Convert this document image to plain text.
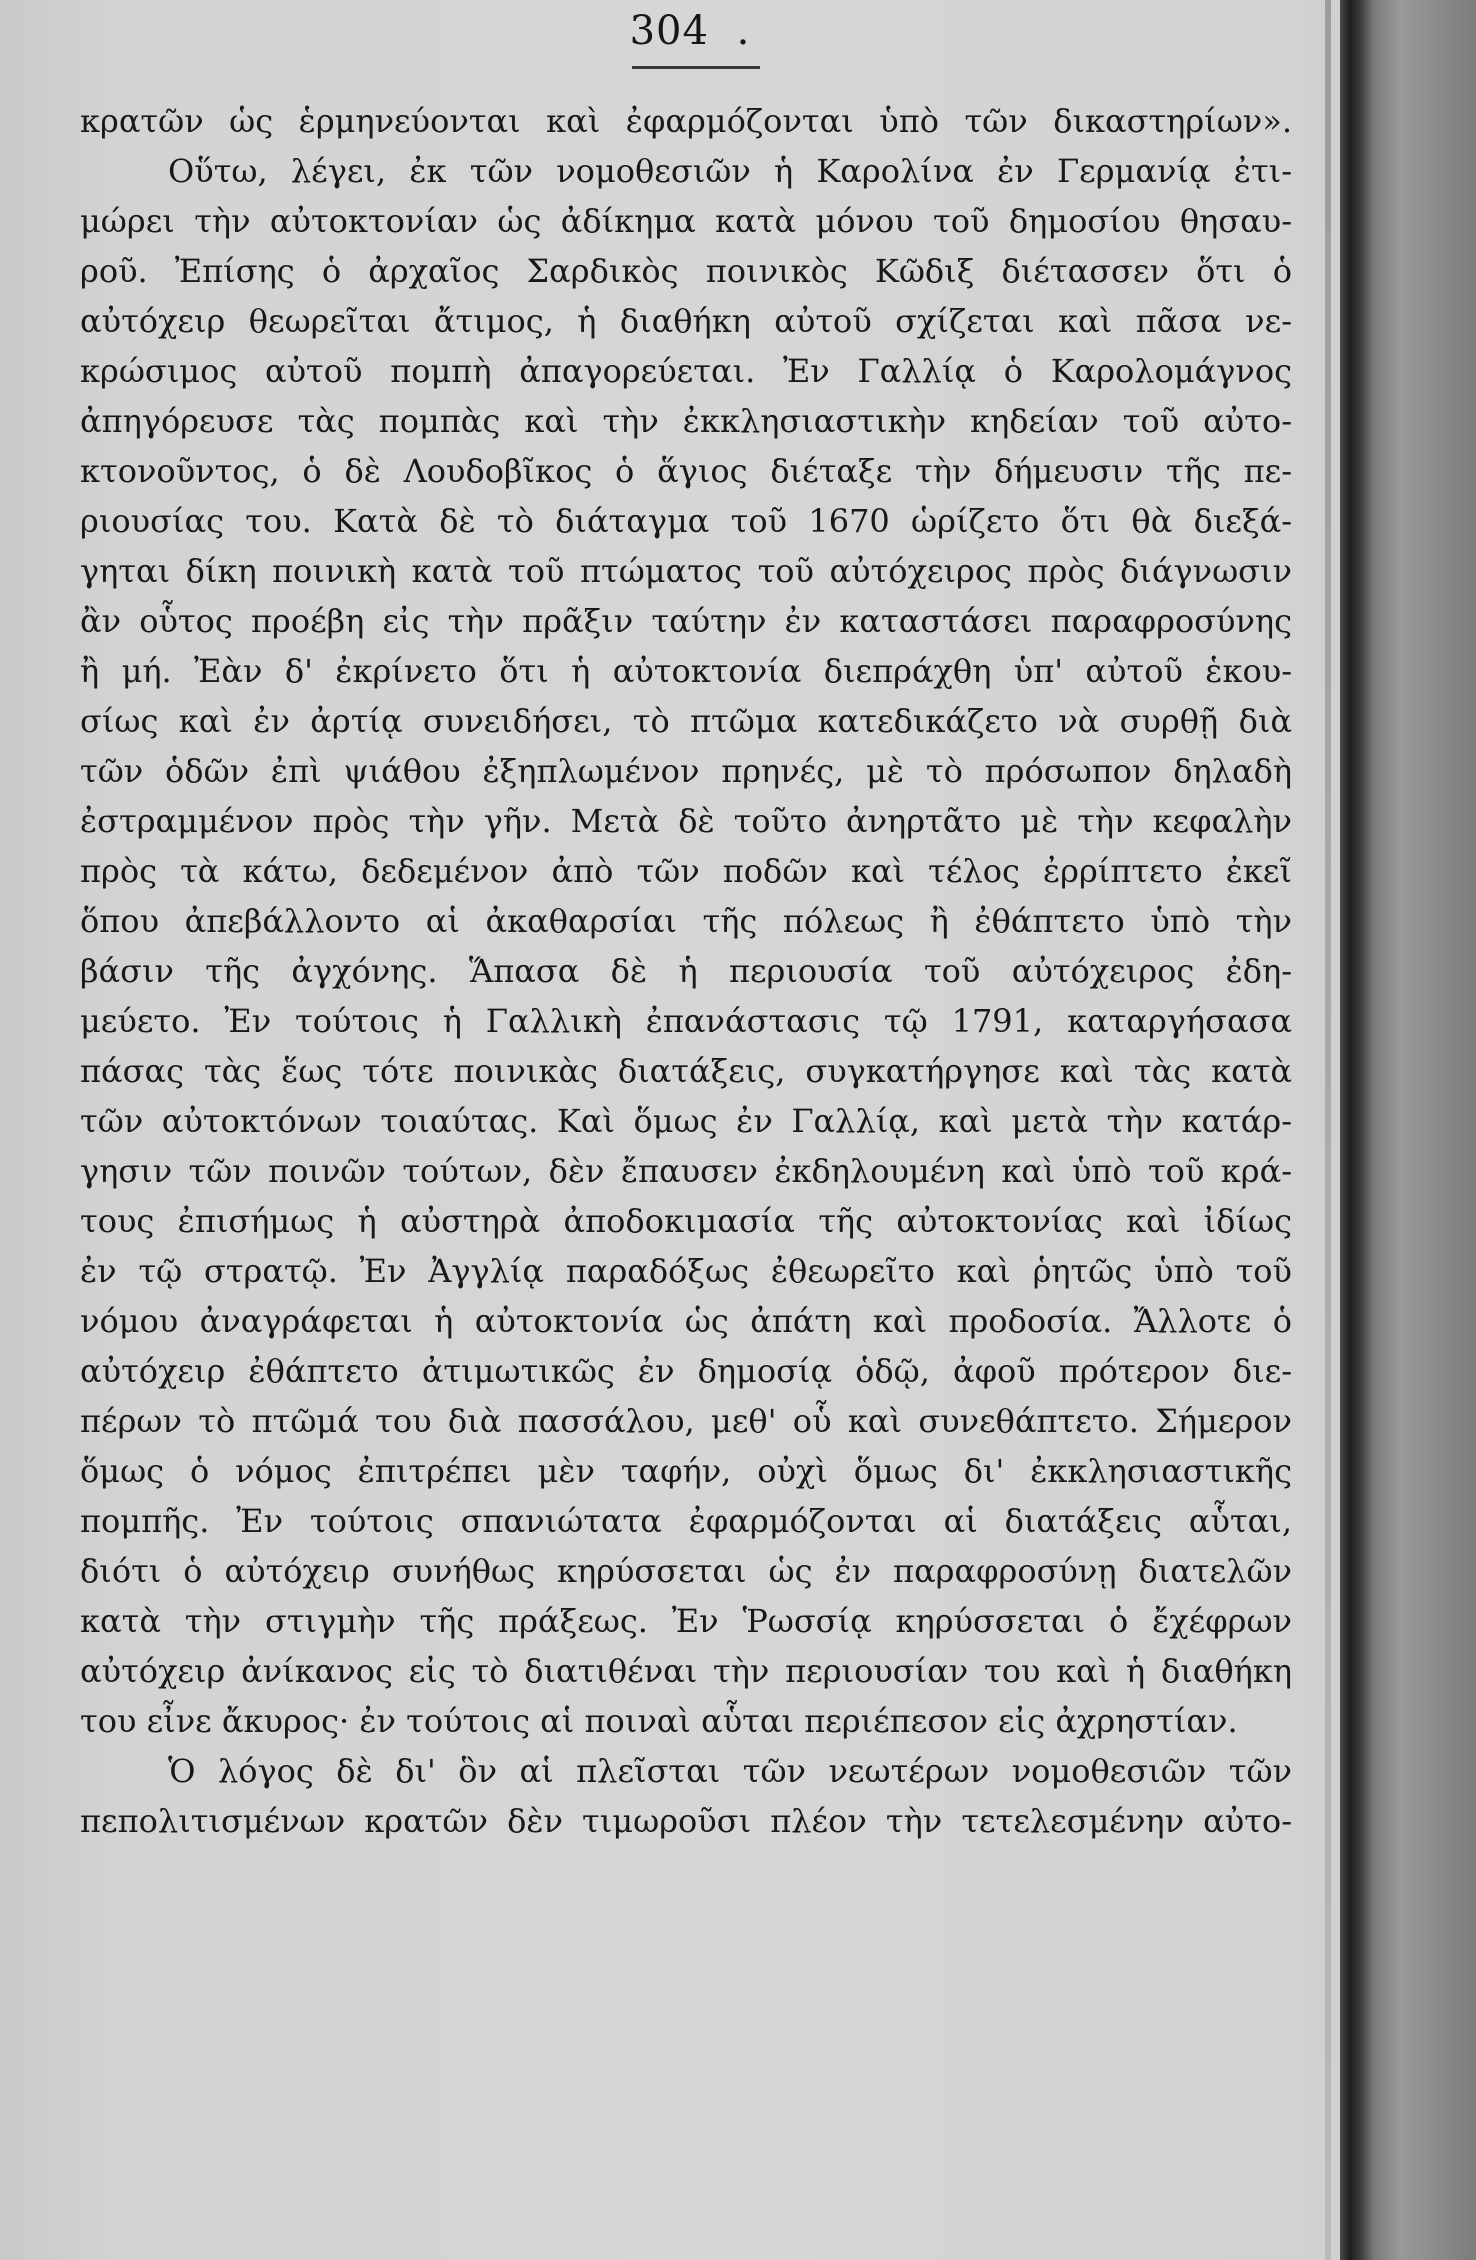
304 .
κρατῶν ὡς ἑρμηνεύονται καὶ ἐφαρμόζονται ὑπὸ τῶν δικαστηρίων».
Οὕτω, λέγει, ἐκ τῶν νομοθεσιῶν ἡ Καρολίνα ἐν Γερμανίᾳ ἐτι-
μώρει τὴν αὐτοκτονίαν ὡς ἀδίκημα κατὰ μόνου τοῦ δημοσίου θησαυ-
ροῦ. Ἐπίσης ὁ ἀρχαῖος Σαρδικὸς ποινικὸς Κῶδιξ διέτασσεν ὅτι ὁ
αὐτόχειρ θεωρεῖται ἄτιμος, ἡ διαθήκη αὐτοῦ σχίζεται καὶ πᾶσα νε-
κρώσιμος αὐτοῦ πομπὴ ἀπαγορεύεται. Ἐν Γαλλίᾳ ὁ Καρολομάγνος
ἀπηγόρευσε τὰς πομπὰς καὶ τὴν ἐκκλησιαστικὴν κηδείαν τοῦ αὐτο-
κτονοῦντος, ὁ δὲ Λουδοβῖκος ὁ ἅγιος διέταξε τὴν δήμευσιν τῆς πε-
ριουσίας του. Κατὰ δὲ τὸ διάταγμα τοῦ 1670 ὡρίζετο ὅτι θὰ διεξά-
γηται δίκη ποινικὴ κατὰ τοῦ πτώματος τοῦ αὐτόχειρος πρὸς διάγνωσιν
ἂν οὗτος προέβη εἰς τὴν πρᾶξιν ταύτην ἐν καταστάσει παραφροσύνης
ἢ μή. Ἐὰν δ' ἐκρίνετο ὅτι ἡ αὐτοκτονία διεπράχθη ὑπ' αὐτοῦ ἑκου-
σίως καὶ ἐν ἀρτίᾳ συνειδήσει, τὸ πτῶμα κατεδικάζετο νὰ συρθῇ διὰ
τῶν ὁδῶν ἐπὶ ψιάθου ἐξηπλωμένον πρηνές, μὲ τὸ πρόσωπον δηλαδὴ
ἐστραμμένον πρὸς τὴν γῆν. Μετὰ δὲ τοῦτο ἀνηρτᾶτο μὲ τὴν κεφαλὴν
πρὸς τὰ κάτω, δεδεμένον ἀπὸ τῶν ποδῶν καὶ τέλος ἐρρίπτετο ἐκεῖ
ὅπου ἀπεβάλλοντο αἱ ἀκαθαρσίαι τῆς πόλεως ἢ ἐθάπτετο ὑπὸ τὴν
βάσιν τῆς ἀγχόνης. Ἅπασα δὲ ἡ περιουσία τοῦ αὐτόχειρος ἐδη-
μεύετο. Ἐν τούτοις ἡ Γαλλικὴ ἐπανάστασις τῷ 1791, καταργήσασα
πάσας τὰς ἕως τότε ποινικὰς διατάξεις, συγκατήργησε καὶ τὰς κατὰ
τῶν αὐτοκτόνων τοιαύτας. Καὶ ὅμως ἐν Γαλλίᾳ, καὶ μετὰ τὴν κατάρ-
γησιν τῶν ποινῶν τούτων, δὲν ἔπαυσεν ἐκδηλουμένη καὶ ὑπὸ τοῦ κρά-
τους ἐπισήμως ἡ αὐστηρὰ ἀποδοκιμασία τῆς αὐτοκτονίας καὶ ἰδίως
ἐν τῷ στρατῷ. Ἐν Ἀγγλίᾳ παραδόξως ἐθεωρεῖτο καὶ ῥητῶς ὑπὸ τοῦ
νόμου ἀναγράφεται ἡ αὐτοκτονία ὡς ἀπάτη καὶ προδοσία. Ἄλλοτε ὁ
αὐτόχειρ ἐθάπτετο ἀτιμωτικῶς ἐν δημοσίᾳ ὁδῷ, ἀφοῦ πρότερον διε-
πέρων τὸ πτῶμά του διὰ πασσάλου, μεθ' οὗ καὶ συνεθάπτετο. Σήμερον
ὅμως ὁ νόμος ἐπιτρέπει μὲν ταφήν, οὐχὶ ὅμως δι' ἐκκλησιαστικῆς
πομπῆς. Ἐν τούτοις σπανιώτατα ἐφαρμόζονται αἱ διατάξεις αὗται,
διότι ὁ αὐτόχειρ συνήθως κηρύσσεται ὡς ἐν παραφροσύνῃ διατελῶν
κατὰ τὴν στιγμὴν τῆς πράξεως. Ἐν Ῥωσσίᾳ κηρύσσεται ὁ ἔχέφρων
αὐτόχειρ ἀνίκανος εἰς τὸ διατιθέναι τὴν περιουσίαν του καὶ ἡ διαθήκη
του εἶνε ἄκυρος· ἐν τούτοις αἱ ποιναὶ αὗται περιέπεσον εἰς ἀχρηστίαν.
Ὁ λόγος δὲ δι' ὃν αἱ πλεῖσται τῶν νεωτέρων νομοθεσιῶν τῶν
πεπολιτισμένων κρατῶν δὲν τιμωροῦσι πλέον τὴν τετελεσμένην αὐτο-
